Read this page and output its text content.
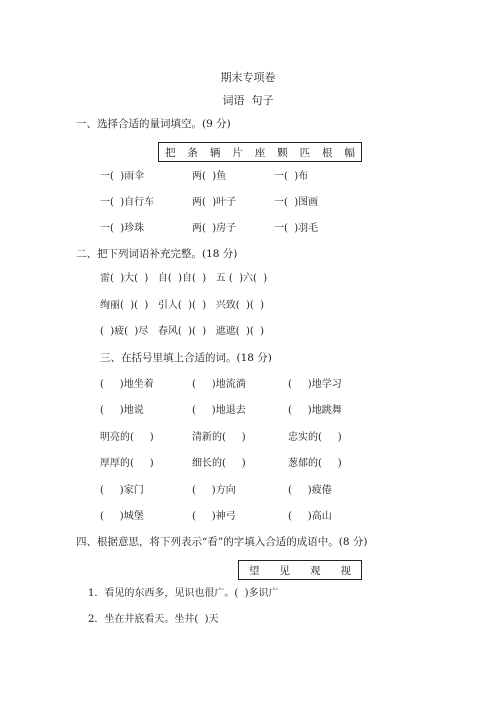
期末专项卷
词语  句子
一、选择合适的量词填空。(9 分)
把 条 辆 片 座 颗 匹 根 幅
一(  )雨伞	两(  )鱼	一(  )布
一(  )自行车	两(  )叶子	一(  )图画
一(  )珍珠	两(  )房子	一(  )羽毛
二、把下列词语补充完整。(18 分)
雷(  )大(  )   自(  )自(  )   五 (  )六(  )
绚丽(  )(  )   引人(  )(  )   兴致(  )(  )
(  )疲(  )尽   春风(  )(  )   遮遮(  )(  )
三、在括号里填上合适的词。(18 分)
(     )地坐着	(     )地流淌	(     )地学习
(     )地说	(     )地退去	(     )地跳舞
明亮的(     )	清新的(     )	忠实的(     )
厚厚的(     )	细长的(     )	葱郁的(     )
(     )家门	(     )方向	(     )疲倦
(     )城堡	(     )神弓	(     )高山
四、根据意思，将下列表示“看”的字填入合适的成语中。(8 分)
望 见 观 视
1．看见的东西多，见识也很广。(  )多识广
2．坐在井底看天。坐井(  )天
